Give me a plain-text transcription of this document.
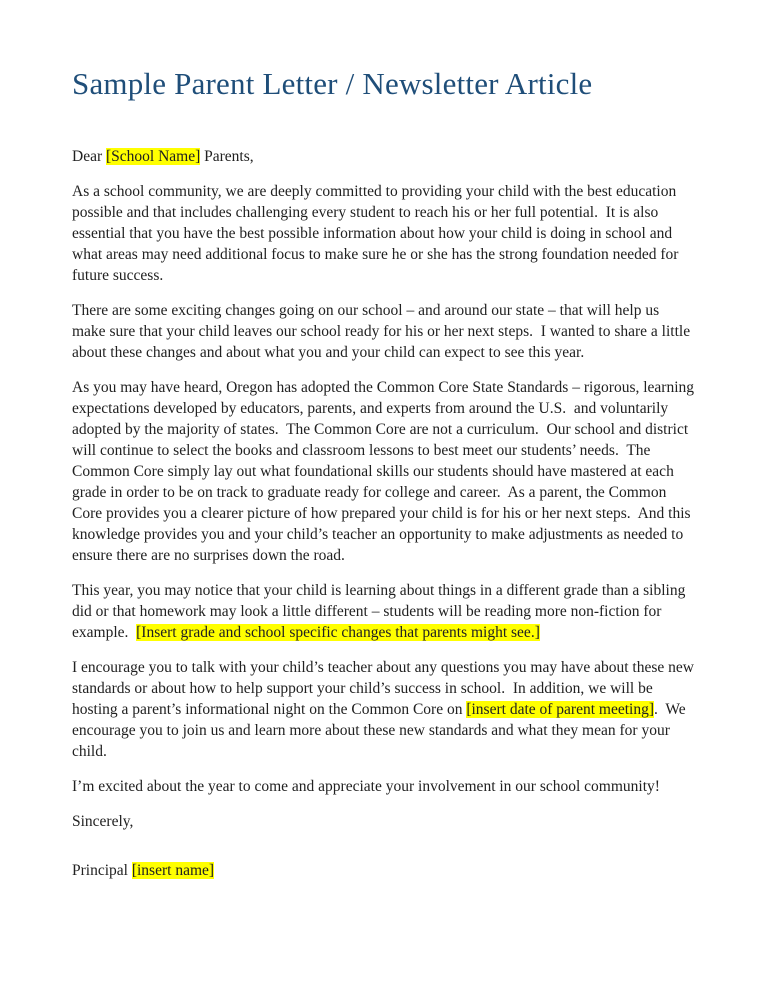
Sample Parent Letter / Newsletter Article

Dear [School Name] Parents,

As a school community, we are deeply committed to providing your child with the best education possible and that includes challenging every student to reach his or her full potential.  It is also essential that you have the best possible information about how your child is doing in school and what areas may need additional focus to make sure he or she has the strong foundation needed for future success.

There are some exciting changes going on our school – and around our state – that will help us make sure that your child leaves our school ready for his or her next steps.  I wanted to share a little about these changes and about what you and your child can expect to see this year.

As you may have heard, Oregon has adopted the Common Core State Standards – rigorous, learning expectations developed by educators, parents, and experts from around the U.S.  and voluntarily adopted by the majority of states.  The Common Core are not a curriculum.  Our school and district will continue to select the books and classroom lessons to best meet our students’ needs.  The Common Core simply lay out what foundational skills our students should have mastered at each grade in order to be on track to graduate ready for college and career.  As a parent, the Common Core provides you a clearer picture of how prepared your child is for his or her next steps.  And this knowledge provides you and your child’s teacher an opportunity to make adjustments as needed to ensure there are no surprises down the road.

This year, you may notice that your child is learning about things in a different grade than a sibling did or that homework may look a little different – students will be reading more non-fiction for example.  [Insert grade and school specific changes that parents might see.]

I encourage you to talk with your child’s teacher about any questions you may have about these new standards or about how to help support your child’s success in school.  In addition, we will be hosting a parent’s informational night on the Common Core on [insert date of parent meeting].  We encourage you to join us and learn more about these new standards and what they mean for your child.

I’m excited about the year to come and appreciate your involvement in our school community!

Sincerely,

Principal [insert name]
